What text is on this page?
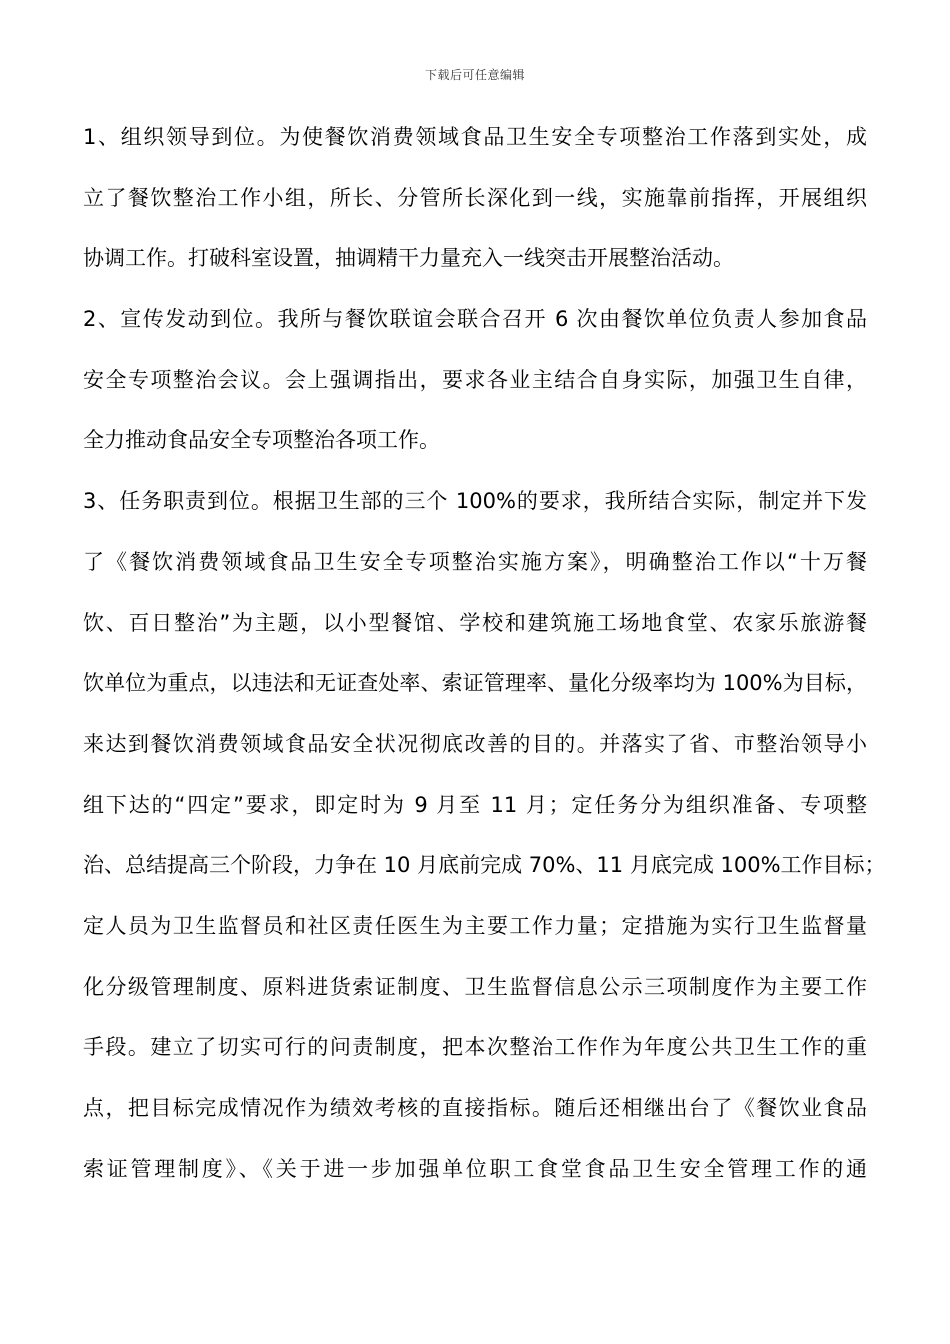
下载后可任意编辑
1、组织领导到位。为使餐饮消费领域食品卫生安全专项整治工作落到实处，成
立了餐饮整治工作小组，所长、分管所长深化到一线，实施靠前指挥，开展组织
协调工作。打破科室设置，抽调精干力量充入一线突击开展整治活动。
2、宣传发动到位。我所与餐饮联谊会联合召开 6 次由餐饮单位负责人参加食品
安全专项整治会议。会上强调指出，要求各业主结合自身实际，加强卫生自律，
全力推动食品安全专项整治各项工作。
3、任务职责到位。根据卫生部的三个 100%的要求，我所结合实际，制定并下发
了《餐饮消费领域食品卫生安全专项整治实施方案》，明确整治工作以“十万餐
饮、百日整治”为主题，以小型餐馆、学校和建筑施工场地食堂、农家乐旅游餐
饮单位为重点，以违法和无证查处率、索证管理率、量化分级率均为 100%为目标，
来达到餐饮消费领域食品安全状况彻底改善的目的。并落实了省、市整治领导小
组下达的“四定”要求，即定时为 9 月至 11 月；定任务分为组织准备、专项整
治、总结提高三个阶段，力争在 10 月底前完成 70%、11 月底完成 100%工作目标；
定人员为卫生监督员和社区责任医生为主要工作力量；定措施为实行卫生监督量
化分级管理制度、原料进货索证制度、卫生监督信息公示三项制度作为主要工作
手段。建立了切实可行的问责制度，把本次整治工作作为年度公共卫生工作的重
点，把目标完成情况作为绩效考核的直接指标。随后还相继出台了《餐饮业食品
索证管理制度》、《关于进一步加强单位职工食堂食品卫生安全管理工作的通
